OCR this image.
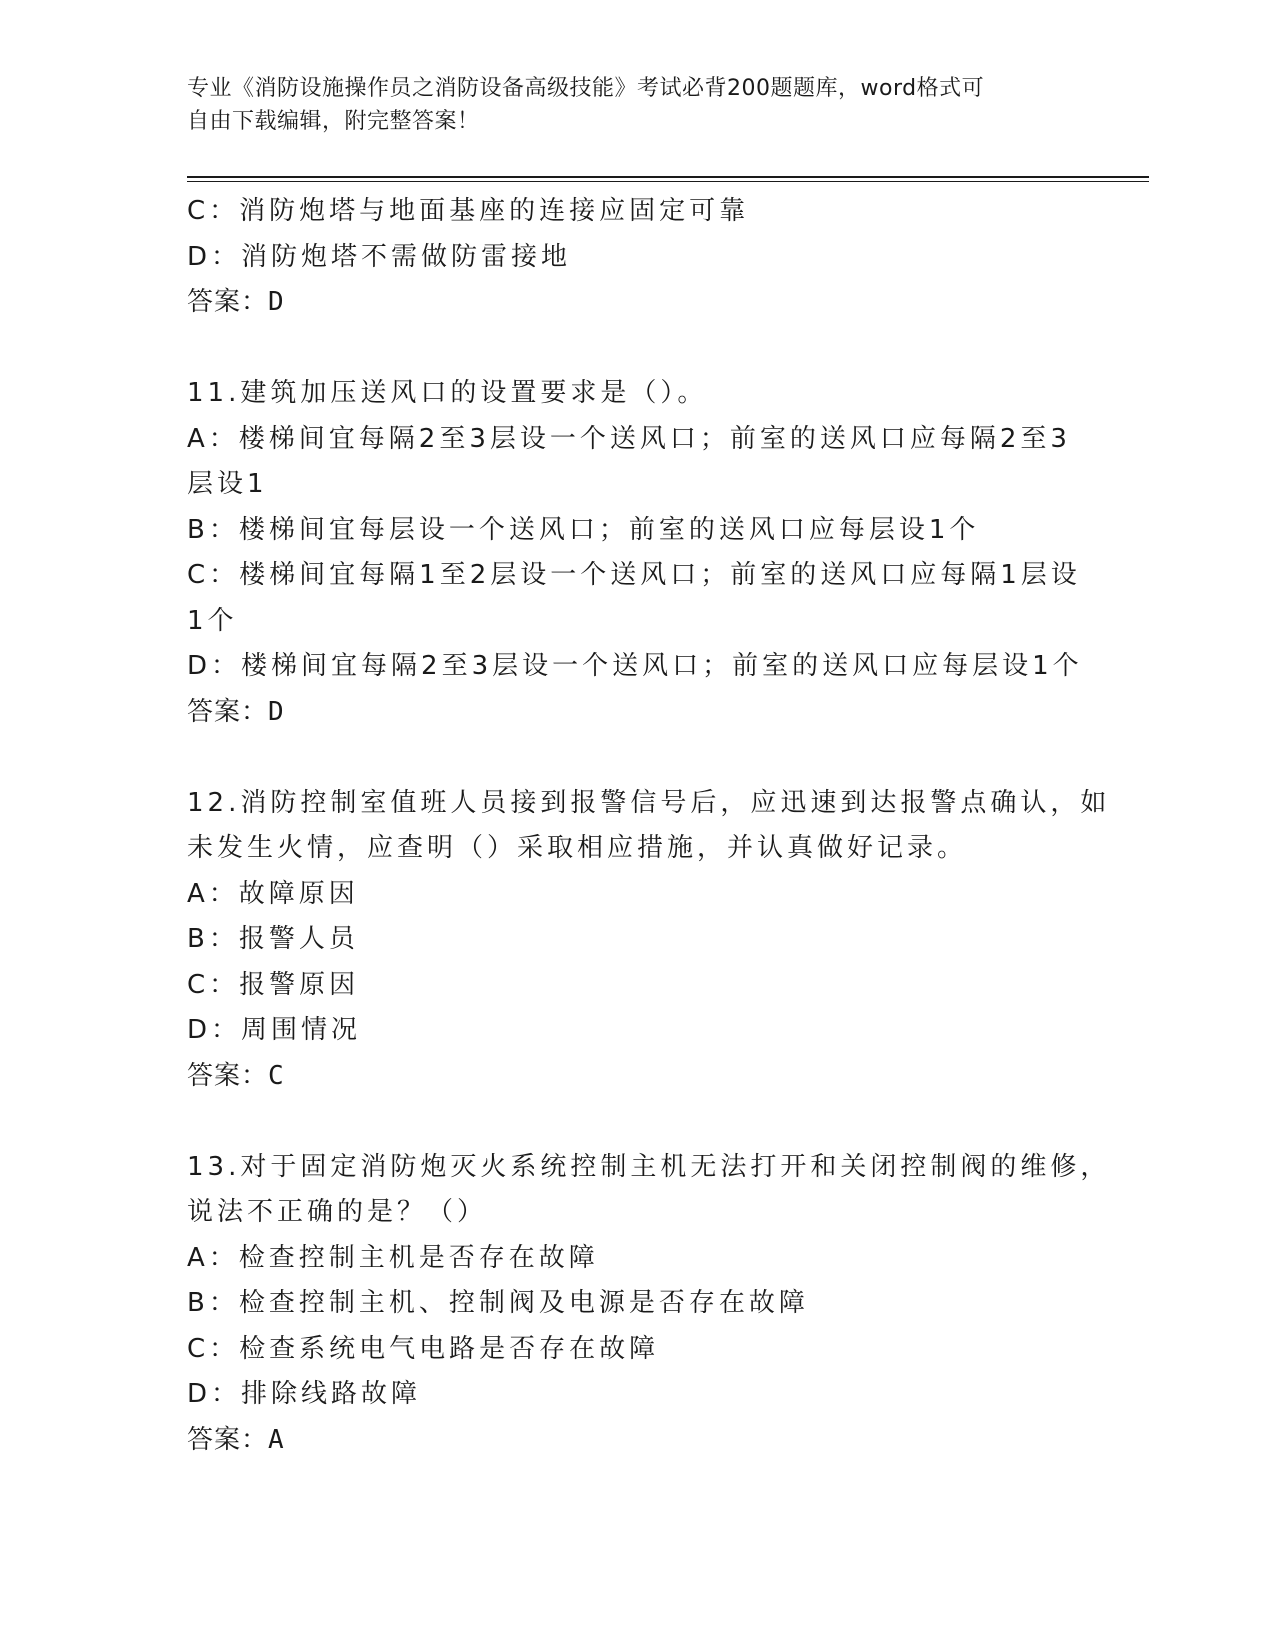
专业《消防设施操作员之消防设备高级技能》考试必背200题题库，word格式可

自由下载编辑，附完整答案！

C：消防炮塔与地面基座的连接应固定可靠

D：消防炮塔不需做防雷接地

答案：D

11.建筑加压送风口的设置要求是（）。

A：楼梯间宜每隔2至3层设一个送风口；前室的送风口应每隔2至3

层设1

B：楼梯间宜每层设一个送风口；前室的送风口应每层设1个

C：楼梯间宜每隔1至2层设一个送风口；前室的送风口应每隔1层设

1个

D：楼梯间宜每隔2至3层设一个送风口；前室的送风口应每层设1个

答案：D

12.消防控制室值班人员接到报警信号后，应迅速到达报警点确认，如

未发生火情，应查明（）采取相应措施，并认真做好记录。

A：故障原因

B：报警人员

C：报警原因

D：周围情况

答案：C

13.对于固定消防炮灭火系统控制主机无法打开和关闭控制阀的维修，

说法不正确的是？（）

A：检查控制主机是否存在故障

B：检查控制主机、控制阀及电源是否存在故障

C：检查系统电气电路是否存在故障

D：排除线路故障

答案：A
